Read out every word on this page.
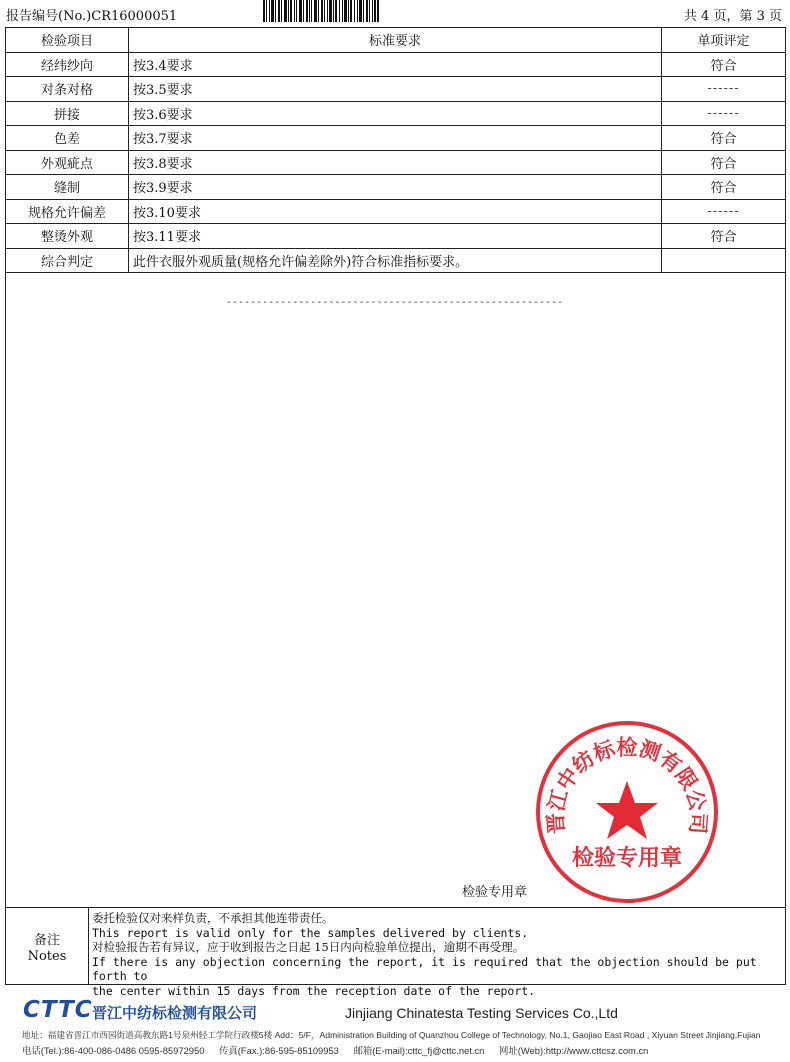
报告编号(No.)CR16000051	共 4 页，第 3 页
检验项目	标准要求	单项评定
经纬纱向	按3.4要求	符合
对条对格	按3.5要求	------
拼接	按3.6要求	------
色差	按3.7要求	符合
外观疵点	按3.8要求	符合
缝制	按3.9要求	符合
规格允许偏差	按3.10要求	------
整烫外观	按3.11要求	符合
综合判定	此件衣服外观质量(规格允许偏差除外)符合标准指标要求。	
--------------------------------------------------------
晋江中纺标检测有限公司
检验专用章
检验专用章
备注
Notes
委托检验仅对来样负责，不承担其他连带责任。
This report is valid only for the samples delivered by clients.
对检验报告若有异议，应于收到报告之日起 15日内向检验单位提出，逾期不再受理。
If there is any objection concerning the report, it is required that the objection should be put forth to
the center within 15 days from the reception date of the report.
CTTC 晋江中纺标检测有限公司	Jinjiang Chinatesta Testing Services Co.,Ltd
地址：福建省晋江市西园街道高教东路1号泉州轻工学院行政楼5楼 Add：5/F，Administration Building of Quanzhou College of Technology, No.1, Gaojiao East Road , Xiyuan Street Jinjiang,Fujian
电话(Tel.):86-400-086-0486 0595-85972950 传真(Fax.):86-595-85109953 邮箱(E-mail):cttc_fj@cttc.net.cn 网址(Web):http://www.cttcsz.com.cn
